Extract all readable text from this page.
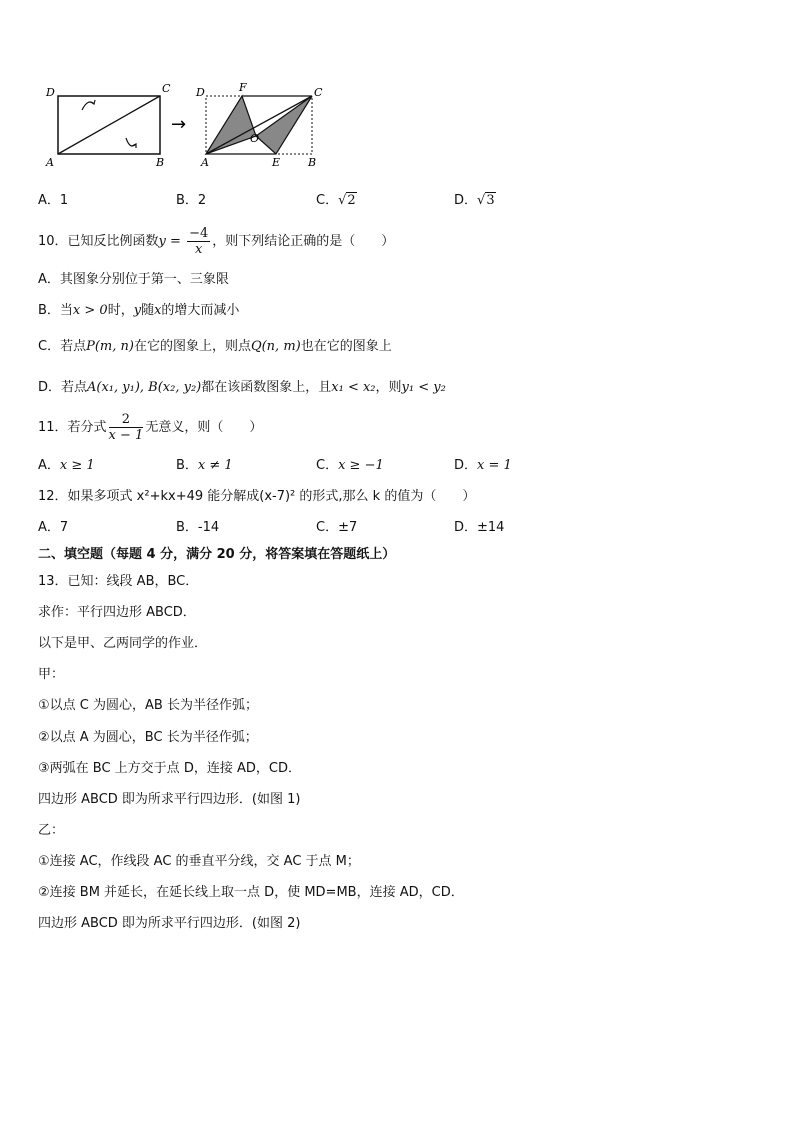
D	C
A	B
→
D	F	C
O
A	E	B
A．1	B．2	C．√2	D．√3
10．已知反比例函数$y = \frac{-4}{x}$ ，则下列结论正确的是（　　）
A．其图象分别位于第一、三象限
B．当x > 0时，y随x的增大而减小
C．若点P(m, n)在它的图象上，则点Q(n, m)也在它的图象上
D．若点A(x₁, y₁), B(x₂, y₂)都在该函数图象上，且x₁ < x₂，则y₁ < y₂
11．若分式 $\frac{2}{x - 1}$ 无意义，则（　　）
A．x ≥ 1	B．x ≠ 1	C．x ≥ −1	D．x = 1
12．如果多项式 x²+kx+49 能分解成(x-7)² 的形式,那么 k 的值为（　　）
A．7	B．-14	C．±7	D．±14
二、填空题（每题 4 分，满分 20 分，将答案填在答题纸上）
13．已知：线段 AB，BC．
求作：平行四边形 ABCD．
以下是甲、乙两同学的作业．
甲：
①以点 C 为圆心，AB 长为半径作弧；
②以点 A 为圆心，BC 长为半径作弧；
③两弧在 BC 上方交于点 D，连接 AD，CD．
四边形 ABCD 即为所求平行四边形．(如图 1)
乙：
①连接 AC，作线段 AC 的垂直平分线，交 AC 于点 M；
②连接 BM 并延长，在延长线上取一点 D，使 MD=MB，连接 AD，CD．
四边形 ABCD 即为所求平行四边形．(如图 2)
